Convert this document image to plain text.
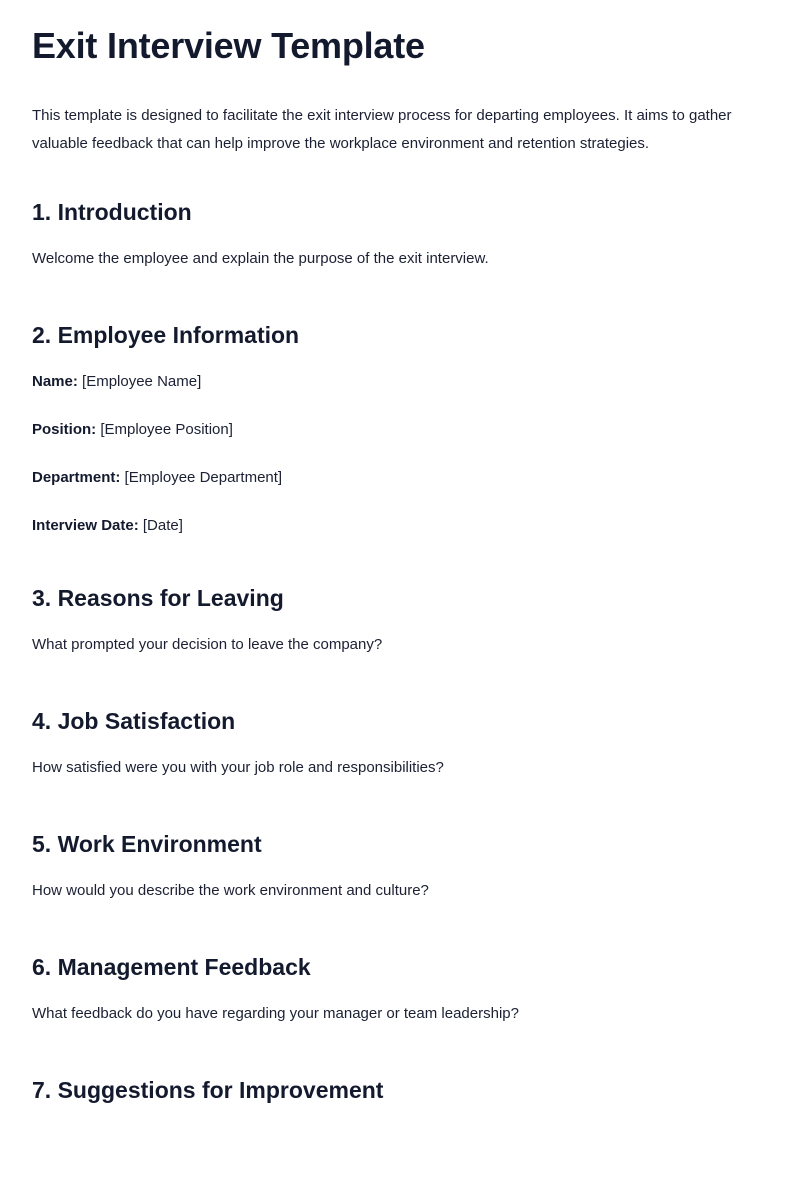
Exit Interview Template

This template is designed to facilitate the exit interview process for departing employees. It aims to gather valuable feedback that can help improve the workplace environment and retention strategies.

1. Introduction

Welcome the employee and explain the purpose of the exit interview.

2. Employee Information

Name: [Employee Name]

Position: [Employee Position]

Department: [Employee Department]

Interview Date: [Date]

3. Reasons for Leaving

What prompted your decision to leave the company?

4. Job Satisfaction

How satisfied were you with your job role and responsibilities?

5. Work Environment

How would you describe the work environment and culture?

6. Management Feedback

What feedback do you have regarding your manager or team leadership?

7. Suggestions for Improvement
